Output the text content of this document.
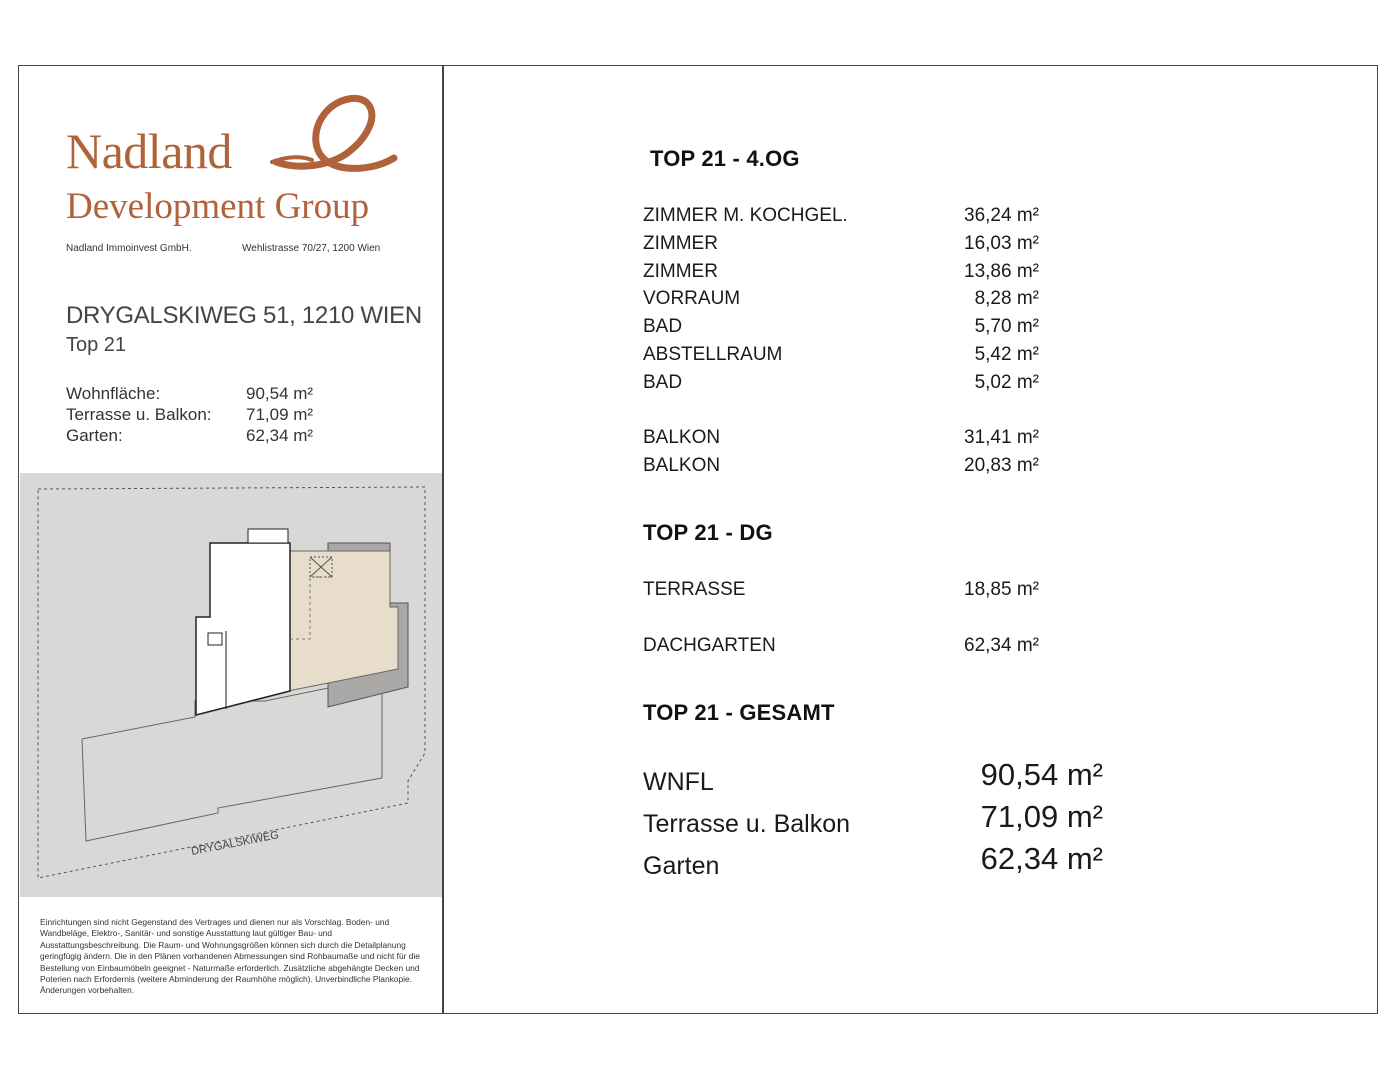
Nadland
Development Group
Nadland Immoinvest GmbH.	Wehlistrasse 70/27, 1200 Wien
DRYGALSKIWEG 51, 1210 WIEN
Top 21
Wohnfläche:	90,54 m²
Terrasse u. Balkon: 71,09 m²
Garten:	62,34 m²
DRYGALSKIWEG
Einrichtungen sind nicht Gegenstand des Vertrages und dienen nur als Vorschlag. Boden- und Wandbeläge, Elektro-, Sanitär- und sonstige Ausstattung laut gültiger Bau- und Ausstattungsbeschreibung. Die Raum- und Wohnungsgrößen können sich durch die Detailplanung geringfügig ändern. Die in den Plänen vorhandenen Abmessungen sind Rohbaumaße und nicht für die Bestellung von Einbaumöbeln geeignet - Naturmaße erforderlich. Zusätzliche abgehängte Decken und Poterien nach Erfordernis (weitere Abminderung der Raumhöhe möglich). Unverbindliche Plankopie. Änderungen vorbehalten.
TOP 21 - 4.OG
ZIMMER M. KOCHGEL.	36,24 m²
ZIMMER	16,03 m²
ZIMMER	13,86 m²
VORRAUM	8,28 m²
BAD	5,70 m²
ABSTELLRAUM	5,42 m²
BAD	5,02 m²
BALKON	31,41 m²
BALKON	20,83 m²
TOP 21 - DG
TERRASSE	18,85 m²
DACHGARTEN	62,34 m²
TOP 21 - GESAMT
WNFL	90,54 m²
Terrasse u. Balkon	71,09 m²
Garten	62,34 m²
